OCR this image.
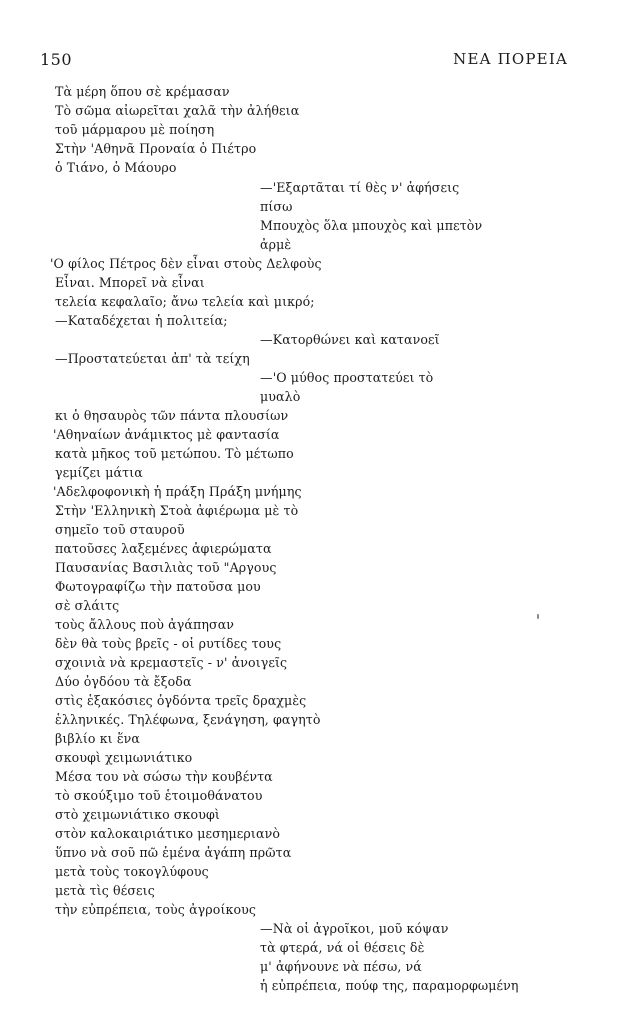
150	ΝΕΑ ΠΟΡΕΙΑ
Τὰ μέρη ὅπου σὲ κρέμασαν
Τὸ σῶμα αἰωρεῖται χαλᾶ τὴν ἀλήθεια
τοῦ μάρμαρου μὲ ποίηση
Στὴν 'Αθηνᾶ Προναία ὁ Πιέτρο
ὁ Τιάνο, ὁ Μάουρο
—'Εξαρτᾶται τί θὲς ν' ἀφήσεις
πίσω
Μπουχὸς ὅλα μπουχὸς καὶ μπετὸν
ἀρμὲ
'Ο φίλος Πέτρος δὲν εἶναι στοὺς Δελφοὺς
Εἶναι. Μπορεῖ νὰ εἶναι
τελεία κεφαλαῖο; ἄνω τελεία καὶ μικρό;
—Καταδέχεται ἡ πολιτεία;
—Κατορθώνει καὶ κατανοεῖ
—Προστατεύεται ἀπ' τὰ τείχη
—'Ο μύθος προστατεύει τὸ
μυαλὸ
κι ὁ θησαυρὸς τῶν πάντα πλουσίων
'Αθηναίων ἀνάμικτος μὲ φαντασία
κατὰ μῆκος τοῦ μετώπου. Τὸ μέτωπο
γεμίζει μάτια
'Αδελφοφονικὴ ἡ πράξη Πράξη μνήμης
Στὴν 'Ελληνικὴ Στοὰ ἀφιέρωμα μὲ τὸ
σημεῖο τοῦ σταυροῦ
πατοῦσες λαξεμένες ἀφιερώματα
Παυσανίας Βασιλιὰς τοῦ "Αργους
Φωτογραφίζω τὴν πατοῦσα μου
σὲ σλάιτς
τοὺς ἄλλους ποὺ ἀγάπησαν
δὲν θὰ τοὺς βρεῖς - οἱ ρυτίδες τους
σχοινιὰ νὰ κρεμαστεῖς - ν' ἀνοιγεῖς
Δύο ὀγδόου τὰ ἔξοδα
στὶς ἑξακόσιες ὀγδόντα τρεῖς δραχμὲς
ἑλληνικές. Τηλέφωνα, ξενάγηση, φαγητὸ
βιβλίο κι ἕνα
σκουφὶ χειμωνιάτικο
Μέσα του νὰ σώσω τὴν κουβέντα
τὸ σκούξιμο τοῦ ἑτοιμοθάνατου
στὸ χειμωνιάτικο σκουφὶ
στὸν καλοκαιριάτικο μεσημεριανὸ
ὕπνο νὰ σοῦ πῶ ἐμένα ἀγάπη πρῶτα
μετὰ τοὺς τοκογλύφους
μετὰ τὶς θέσεις
τὴν εὐπρέπεια, τοὺς ἀγροίκους
—Νὰ οἱ ἀγροῖκοι, μοῦ κόψαν
τὰ φτερά, νά οἱ θέσεις δὲ
μ' ἀφήνουνε νὰ πέσω, νά
ἡ εὐπρέπεια, πούφ της, παραμορφωμένη
